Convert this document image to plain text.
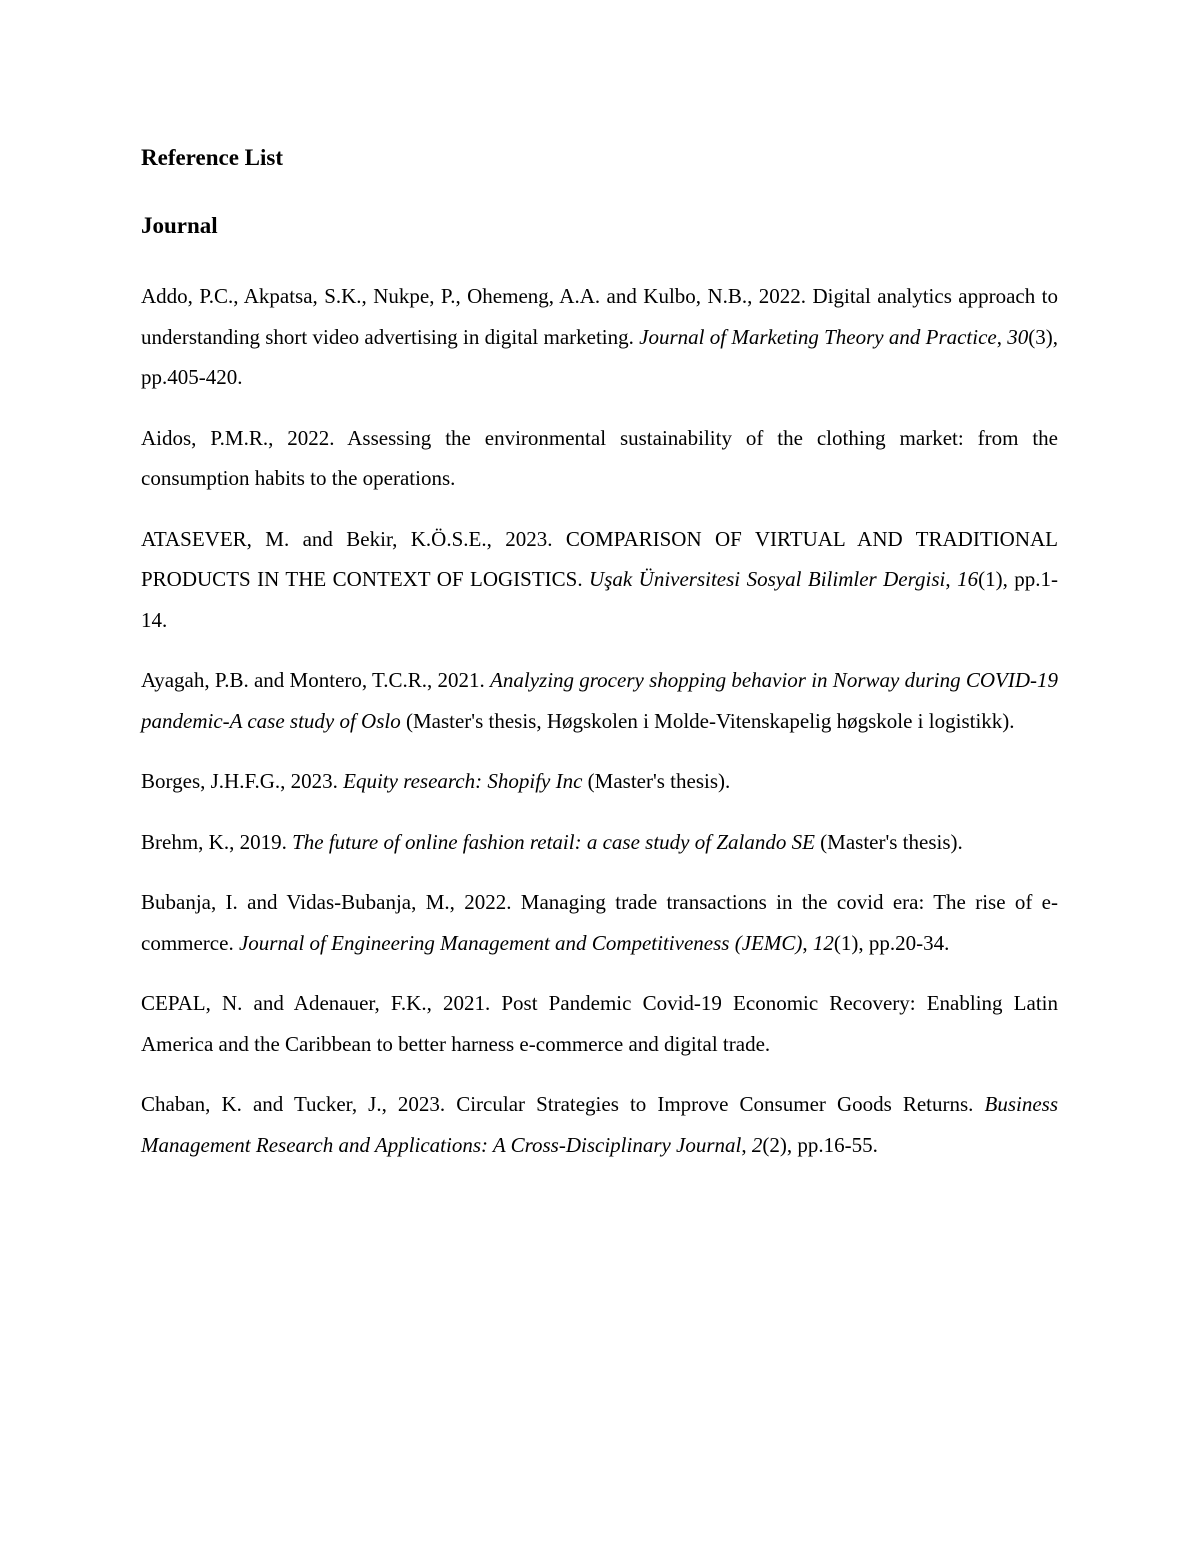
Reference List
Journal

Addo, P.C., Akpatsa, S.K., Nukpe, P., Ohemeng, A.A. and Kulbo, N.B., 2022. Digital analytics approach to understanding short video advertising in digital marketing. Journal of Marketing Theory and Practice, 30(3), pp.405-420.

Aidos, P.M.R., 2022. Assessing the environmental sustainability of the clothing market: from the consumption habits to the operations.

ATASEVER, M. and Bekir, K.Ö.S.E., 2023. COMPARISON OF VIRTUAL AND TRADITIONAL PRODUCTS IN THE CONTEXT OF LOGISTICS. Uşak Üniversitesi Sosyal Bilimler Dergisi, 16(1), pp.1-14.

Ayagah, P.B. and Montero, T.C.R., 2021. Analyzing grocery shopping behavior in Norway during COVID-19 pandemic-A case study of Oslo (Master's thesis, Høgskolen i Molde-Vitenskapelig høgskole i logistikk).

Borges, J.H.F.G., 2023. Equity research: Shopify Inc (Master's thesis).

Brehm, K., 2019. The future of online fashion retail: a case study of Zalando SE (Master's thesis).

Bubanja, I. and Vidas-Bubanja, M., 2022. Managing trade transactions in the covid era: The rise of e-commerce. Journal of Engineering Management and Competitiveness (JEMC), 12(1), pp.20-34.

CEPAL, N. and Adenauer, F.K., 2021. Post Pandemic Covid-19 Economic Recovery: Enabling Latin America and the Caribbean to better harness e-commerce and digital trade.

Chaban, K. and Tucker, J., 2023. Circular Strategies to Improve Consumer Goods Returns. Business Management Research and Applications: A Cross-Disciplinary Journal, 2(2), pp.16-55.
